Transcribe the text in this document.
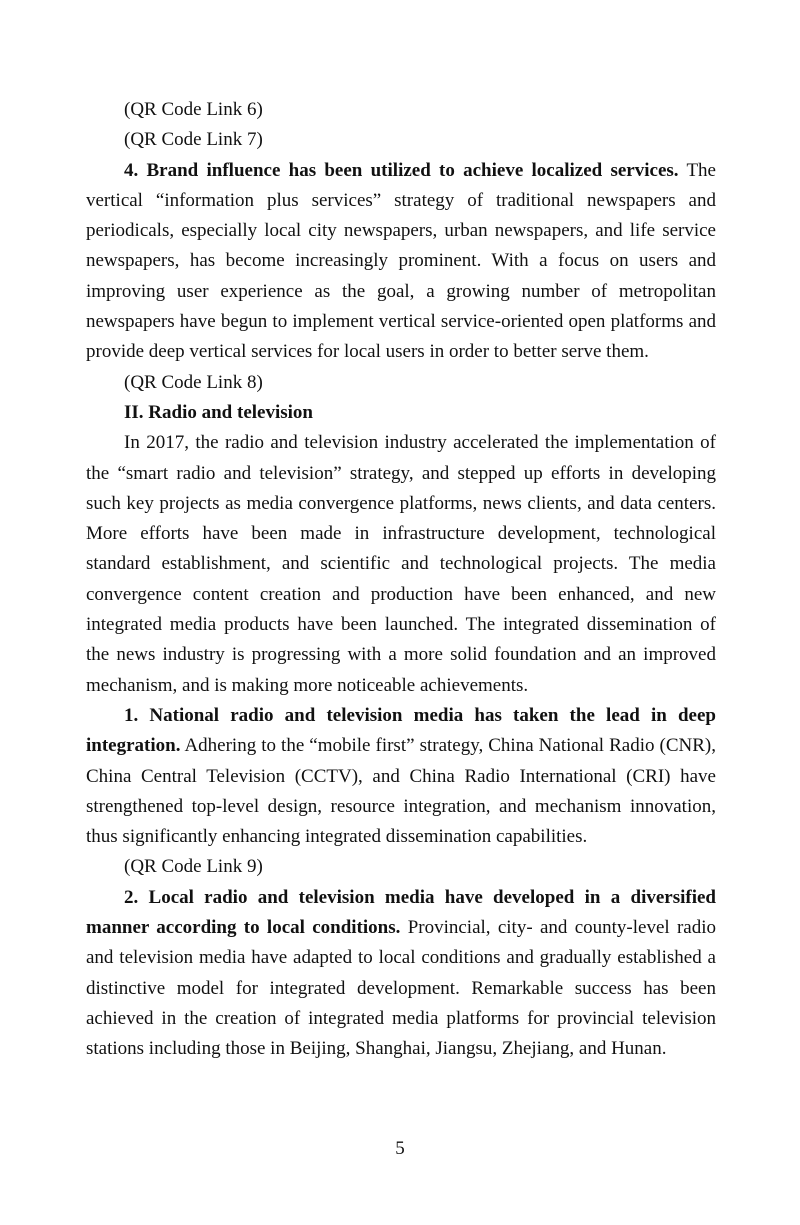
(QR Code Link 6)

(QR Code Link 7)

4. Brand influence has been utilized to achieve localized services. The vertical “information plus services” strategy of traditional newspapers and periodicals, especially local city newspapers, urban newspapers, and life service newspapers, has become increasingly prominent. With a focus on users and improving user experience as the goal, a growing number of metropolitan newspapers have begun to implement vertical service-oriented open platforms and provide deep vertical services for local users in order to better serve them.

(QR Code Link 8)

II. Radio and television

In 2017, the radio and television industry accelerated the implementation of the “smart radio and television” strategy, and stepped up efforts in developing such key projects as media convergence platforms, news clients, and data centers. More efforts have been made in infrastructure development, technological standard establishment, and scientific and technological projects. The media convergence content creation and production have been enhanced, and new integrated media products have been launched. The integrated dissemination of the news industry is progressing with a more solid foundation and an improved mechanism, and is making more noticeable achievements.

1. National radio and television media has taken the lead in deep integration. Adhering to the “mobile first” strategy, China National Radio (CNR), China Central Television (CCTV), and China Radio International (CRI) have strengthened top-level design, resource integration, and mechanism innovation, thus significantly enhancing integrated dissemination capabilities.

(QR Code Link 9)

2. Local radio and television media have developed in a diversified manner according to local conditions. Provincial, city- and county-level radio and television media have adapted to local conditions and gradually established a distinctive model for integrated development. Remarkable success has been achieved in the creation of integrated media platforms for provincial television stations including those in Beijing, Shanghai, Jiangsu, Zhejiang, and Hunan.

5
